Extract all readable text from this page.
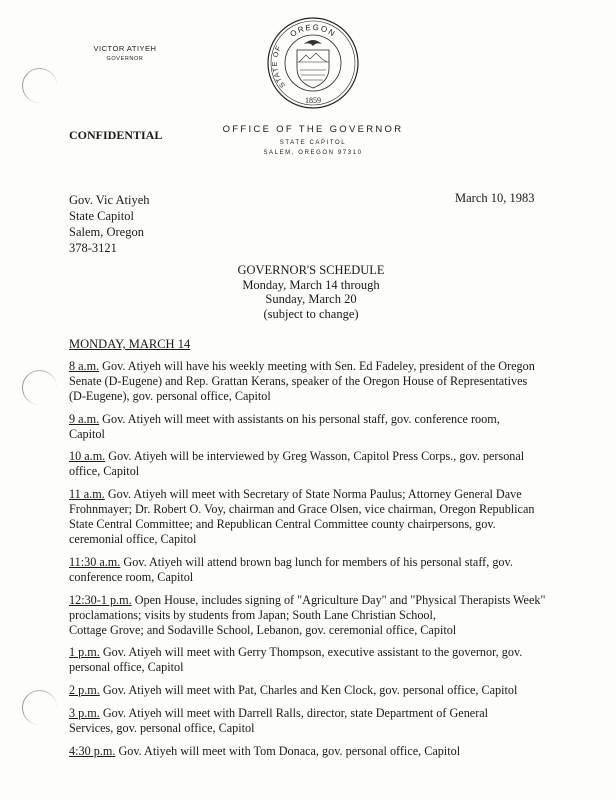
VICTOR ATIYEH
GOVERNOR
OREGON
STATE OF
1859
CONFIDENTIAL	OFFICE OF THE GOVERNOR
STATE CAPITOL
SALEM, OREGON 97310
Gov. Vic Atiyeh
State Capitol
Salem, Oregon
378-3121
March 10, 1983
GOVERNOR'S SCHEDULE
Monday, March 14 through
Sunday, March 20
(subject to change)
MONDAY, MARCH 14
8 a.m. Gov. Atiyeh will have his weekly meeting with Sen. Ed Fadeley, president of the Oregon
Senate (D-Eugene) and Rep. Grattan Kerans, speaker of the Oregon House of Representatives
(D-Eugene), gov. personal office, Capitol
9 a.m. Gov. Atiyeh will meet with assistants on his personal staff, gov. conference room,
Capitol
10 a.m. Gov. Atiyeh will be interviewed by Greg Wasson, Capitol Press Corps., gov. personal
office, Capitol
11 a.m. Gov. Atiyeh will meet with Secretary of State Norma Paulus; Attorney General Dave
Frohnmayer; Dr. Robert O. Voy, chairman and Grace Olsen, vice chairman, Oregon Republican
State Central Committee; and Republican Central Committee county chairpersons, gov.
ceremonial office, Capitol
11:30 a.m. Gov. Atiyeh will attend brown bag lunch for members of his personal staff, gov.
conference room, Capitol
12:30-1 p.m. Open House, includes signing of "Agriculture Day" and "Physical Therapists Week"
proclamations; visits by students from Japan; South Lane Christian School,
Cottage Grove; and Sodaville School, Lebanon, gov. ceremonial office, Capitol
1 p.m. Gov. Atiyeh will meet with Gerry Thompson, executive assistant to the governor, gov.
personal office, Capitol
2 p.m. Gov. Atiyeh will meet with Pat, Charles and Ken Clock, gov. personal office, Capitol
3 p.m. Gov. Atiyeh will meet with Darrell Ralls, director, state Department of General
Services, gov. personal office, Capitol
4:30 p.m. Gov. Atiyeh will meet with Tom Donaca, gov. personal office, Capitol
